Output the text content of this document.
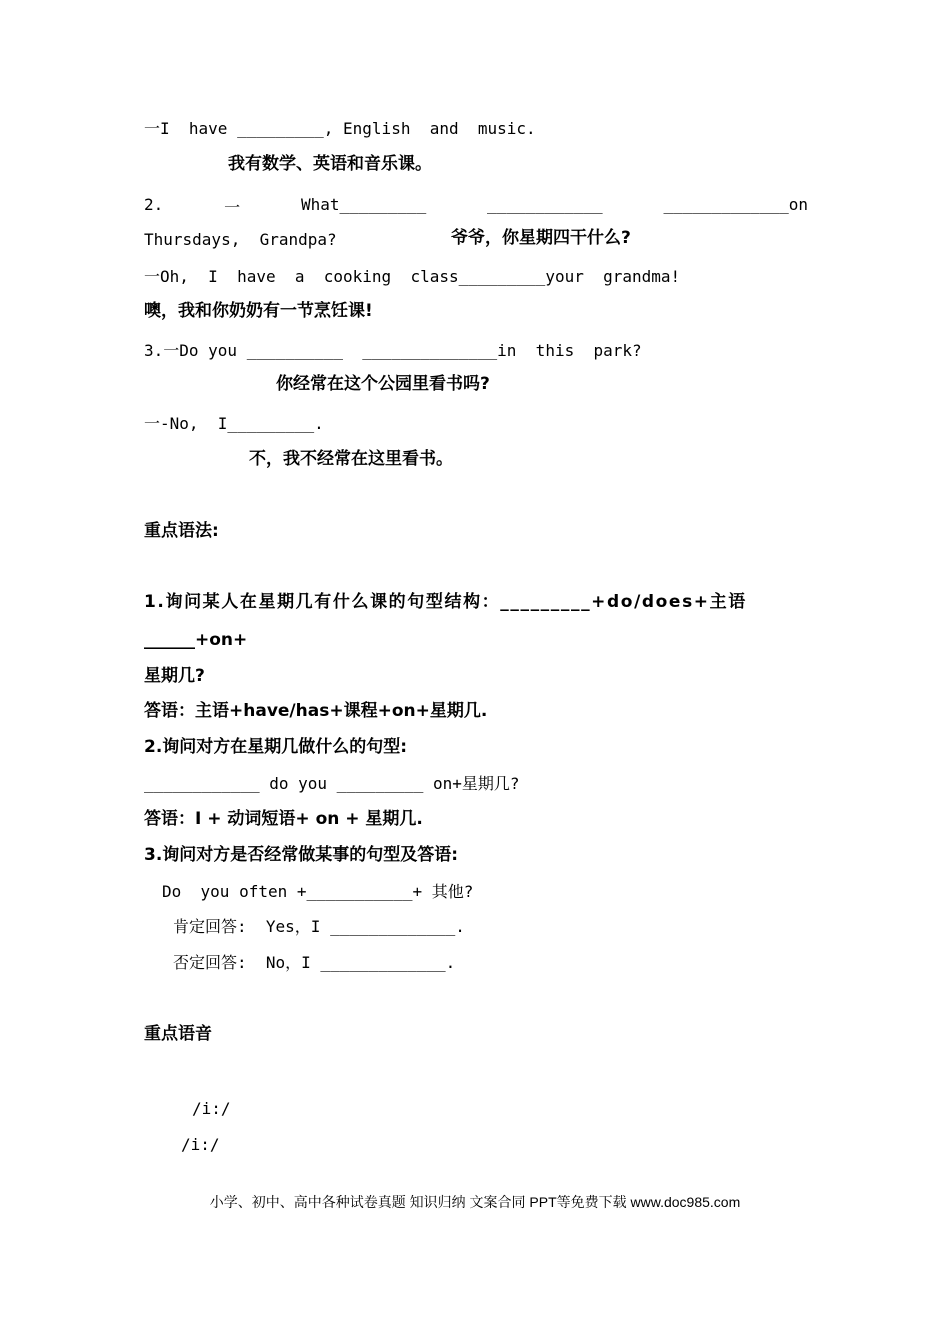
一I  have _________, English  and  music.
我有数学、英语和音乐课。
2.	一	What_________	____________	_____________on
Thursdays,  Grandpa?	爷爷，你星期四干什么?
一Oh,  I  have  a  cooking  class_________your  grandma!
噢，我和你奶奶有一节烹饪课!
3.一Do you __________  ______________in  this  park?
你经常在这个公园里看书吗?
一-No,  I_________.
不，我不经常在这里看书。
重点语法:
1.询问某人在星期几有什么课的句型结构：_________+do/does+主语
______+on+
星期几?
答语：主语+have/has+课程+on+星期几.
2.询问对方在星期几做什么的句型:
____________ do you _________ on+星期几?
答语：I + 动词短语+ on + 星期几.
3.询问对方是否经常做某事的句型及答语:
Do  you often +___________+ 其他?
肯定回答:  Yes，I _____________.
否定回答:  No，I _____________.
重点语音
/i:/
/i:/
小学、初中、高中各种试卷真题 知识归纳 文案合同 PPT等免费下载 www.doc985.com
